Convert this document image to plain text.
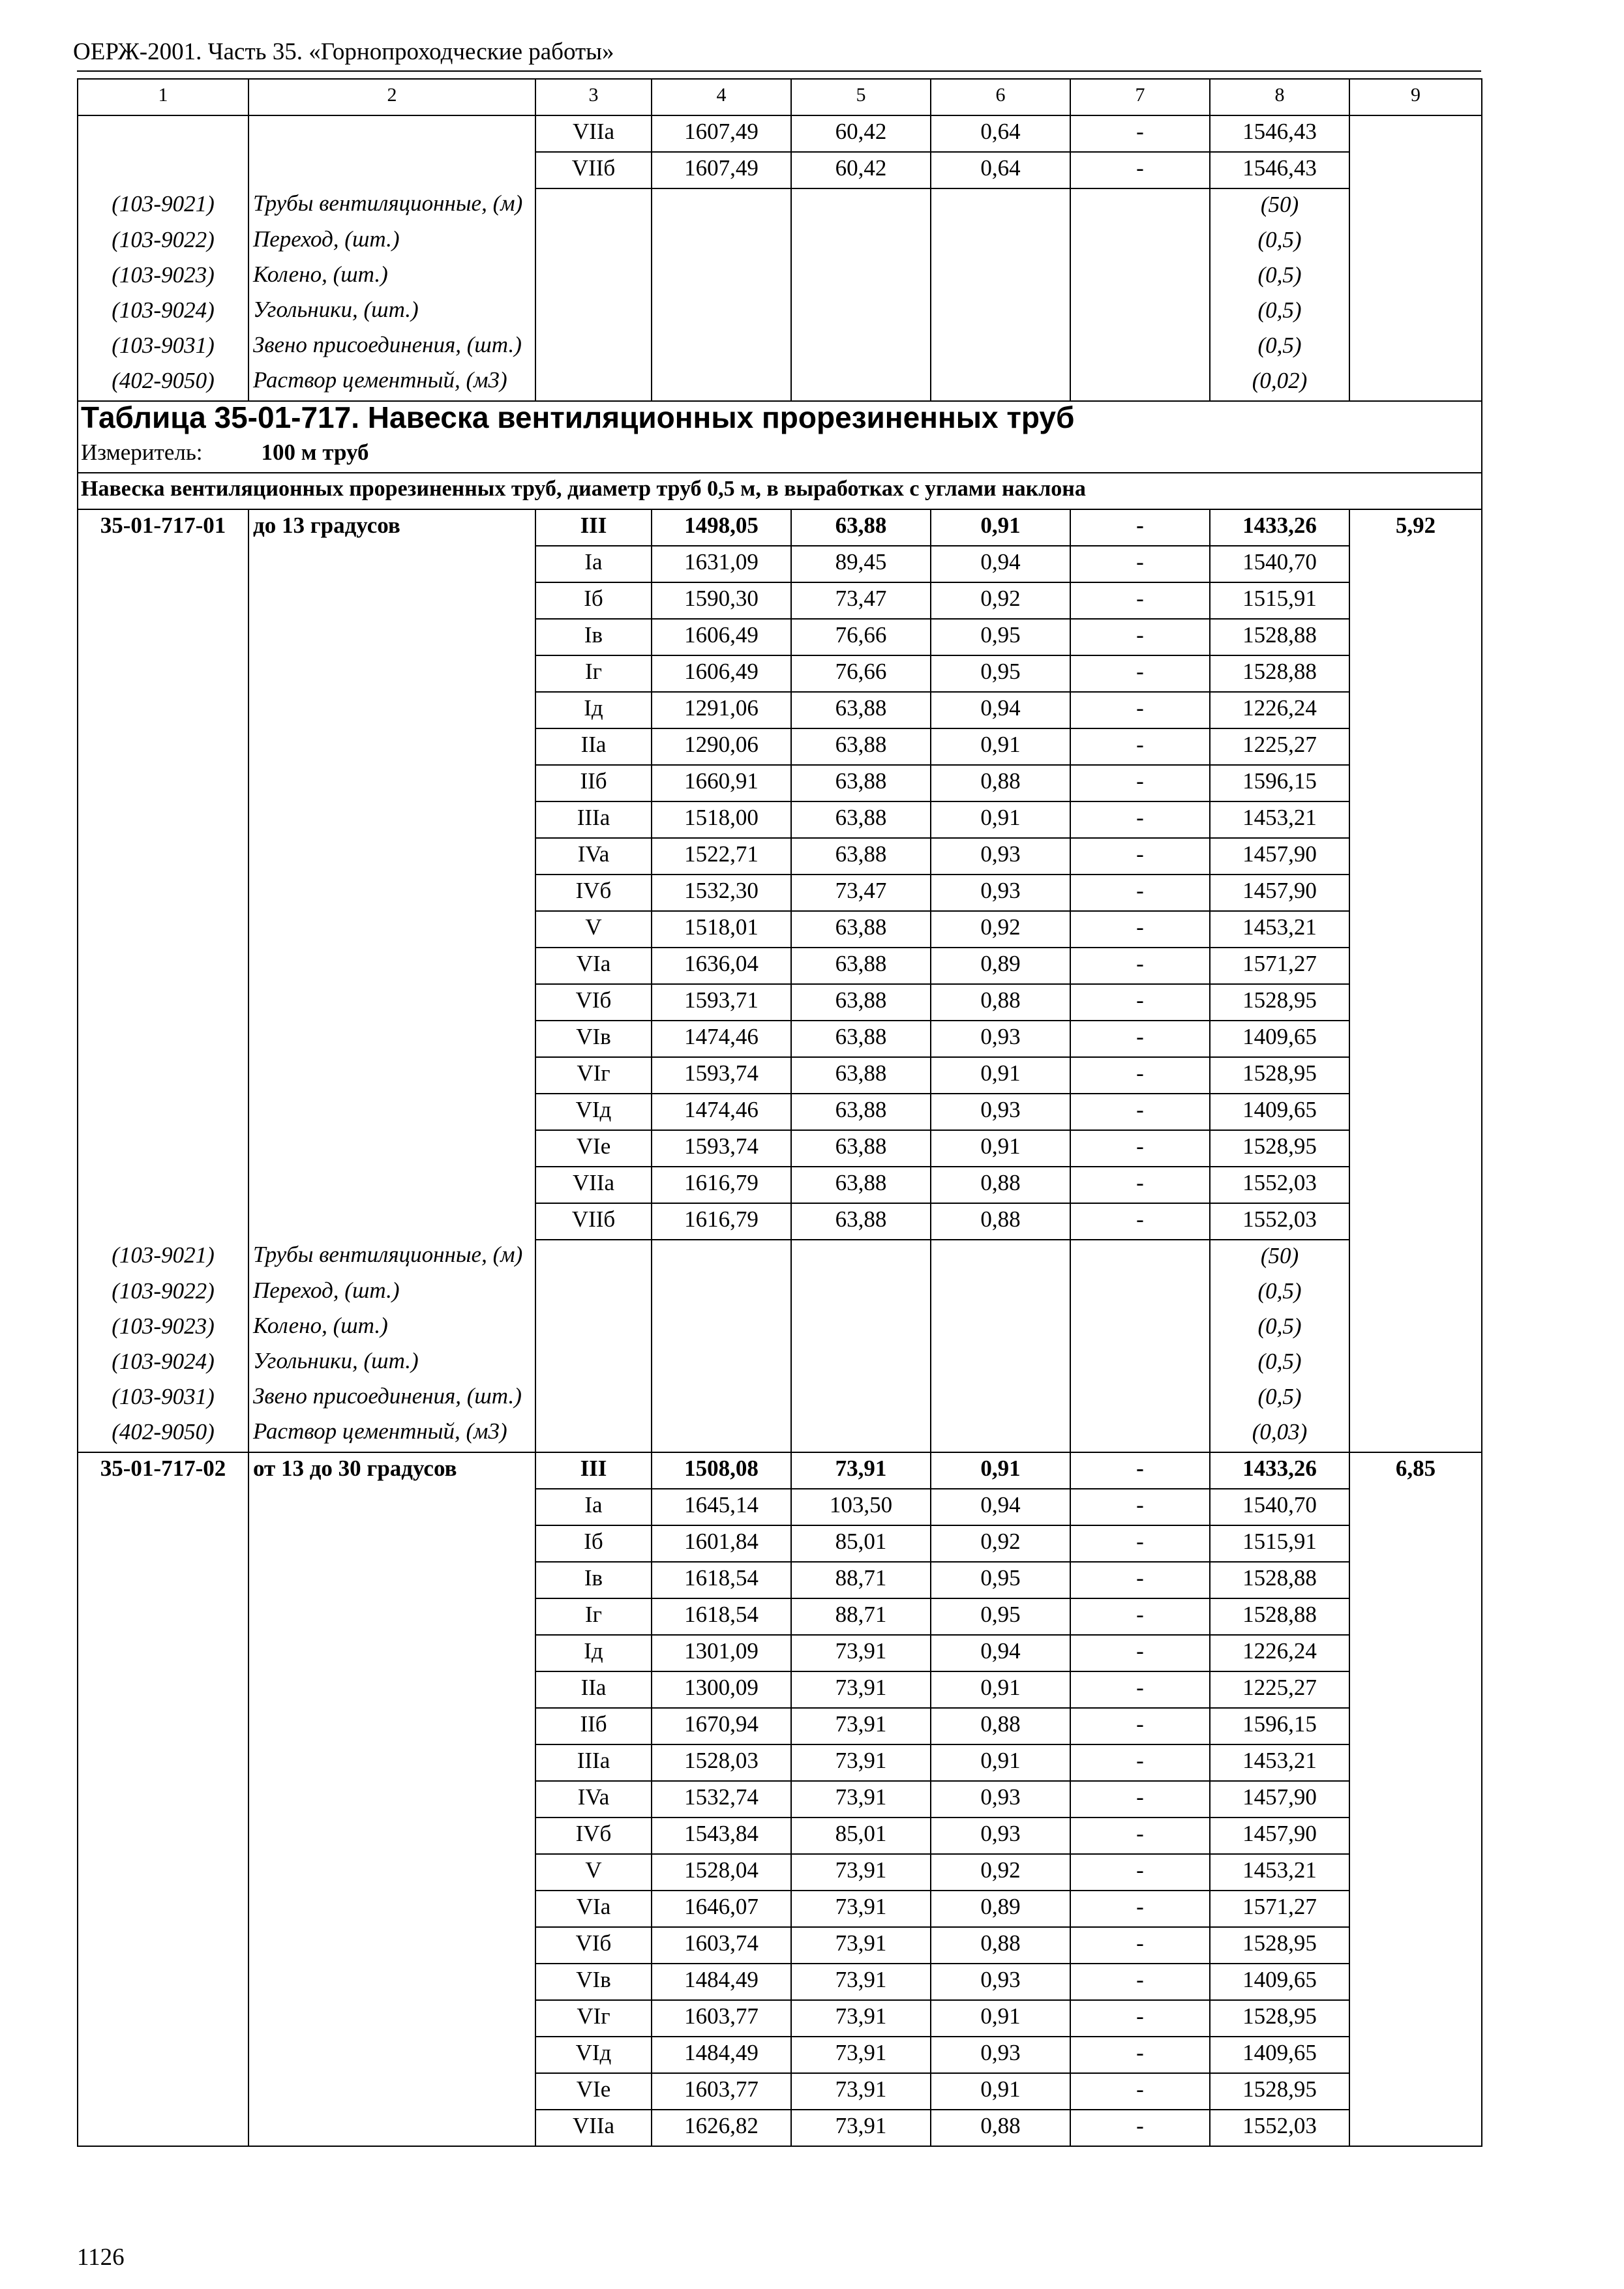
ОЕРЖ-2001. Часть 35. «Горнопроходческие работы»
1	2	3	4	5	6	7	8	9
		VIIa	1607,49	60,42	0,64	-	1546,43	
		VIIб	1607,49	60,42	0,64	-	1546,43	
(103-9021)	Трубы вентиляционные, (м)						(50)	
(103-9022)	Переход, (шт.)						(0,5)	
(103-9023)	Колено, (шт.)						(0,5)	
(103-9024)	Угольники, (шт.)						(0,5)	
(103-9031)	Звено присоединения, (шт.)						(0,5)	
(402-9050)	Раствор цементный, (м3)						(0,02)	
Таблица 35-01-717. Навеска вентиляционных прорезиненных труб								
Измеритель: 100 м труб								
Навеска вентиляционных прорезиненных труб, диаметр труб 0,5 м, в выработках с углами наклона								
35-01-717-01	до 13 градусов	III	1498,05	63,88	0,91	-	1433,26	5,92
		Ia	1631,09	89,45	0,94	-	1540,70	
		Iб	1590,30	73,47	0,92	-	1515,91	
		Iв	1606,49	76,66	0,95	-	1528,88	
		Iг	1606,49	76,66	0,95	-	1528,88	
		Iд	1291,06	63,88	0,94	-	1226,24	
		IIa	1290,06	63,88	0,91	-	1225,27	
		IIб	1660,91	63,88	0,88	-	1596,15	
		IIIa	1518,00	63,88	0,91	-	1453,21	
		IVa	1522,71	63,88	0,93	-	1457,90	
		IVб	1532,30	73,47	0,93	-	1457,90	
		V	1518,01	63,88	0,92	-	1453,21	
		VIa	1636,04	63,88	0,89	-	1571,27	
		VIб	1593,71	63,88	0,88	-	1528,95	
		VIв	1474,46	63,88	0,93	-	1409,65	
		VIг	1593,74	63,88	0,91	-	1528,95	
		VIд	1474,46	63,88	0,93	-	1409,65	
		VIe	1593,74	63,88	0,91	-	1528,95	
		VIIa	1616,79	63,88	0,88	-	1552,03	
		VIIб	1616,79	63,88	0,88	-	1552,03	
(103-9021)	Трубы вентиляционные, (м)						(50)	
(103-9022)	Переход, (шт.)						(0,5)	
(103-9023)	Колено, (шт.)						(0,5)	
(103-9024)	Угольники, (шт.)						(0,5)	
(103-9031)	Звено присоединения, (шт.)						(0,5)	
(402-9050)	Раствор цементный, (м3)						(0,03)	
35-01-717-02	от 13 до 30 градусов	III	1508,08	73,91	0,91	-	1433,26	6,85
		Ia	1645,14	103,50	0,94	-	1540,70	
		Iб	1601,84	85,01	0,92	-	1515,91	
		Iв	1618,54	88,71	0,95	-	1528,88	
		Iг	1618,54	88,71	0,95	-	1528,88	
		Iд	1301,09	73,91	0,94	-	1226,24	
		IIa	1300,09	73,91	0,91	-	1225,27	
		IIб	1670,94	73,91	0,88	-	1596,15	
		IIIa	1528,03	73,91	0,91	-	1453,21	
		IVa	1532,74	73,91	0,93	-	1457,90	
		IVб	1543,84	85,01	0,93	-	1457,90	
		V	1528,04	73,91	0,92	-	1453,21	
		VIa	1646,07	73,91	0,89	-	1571,27	
		VIб	1603,74	73,91	0,88	-	1528,95	
		VIв	1484,49	73,91	0,93	-	1409,65	
		VIг	1603,77	73,91	0,91	-	1528,95	
		VIд	1484,49	73,91	0,93	-	1409,65	
		VIe	1603,77	73,91	0,91	-	1528,95	
		VIIa	1626,82	73,91	0,88	-	1552,03	
1126
